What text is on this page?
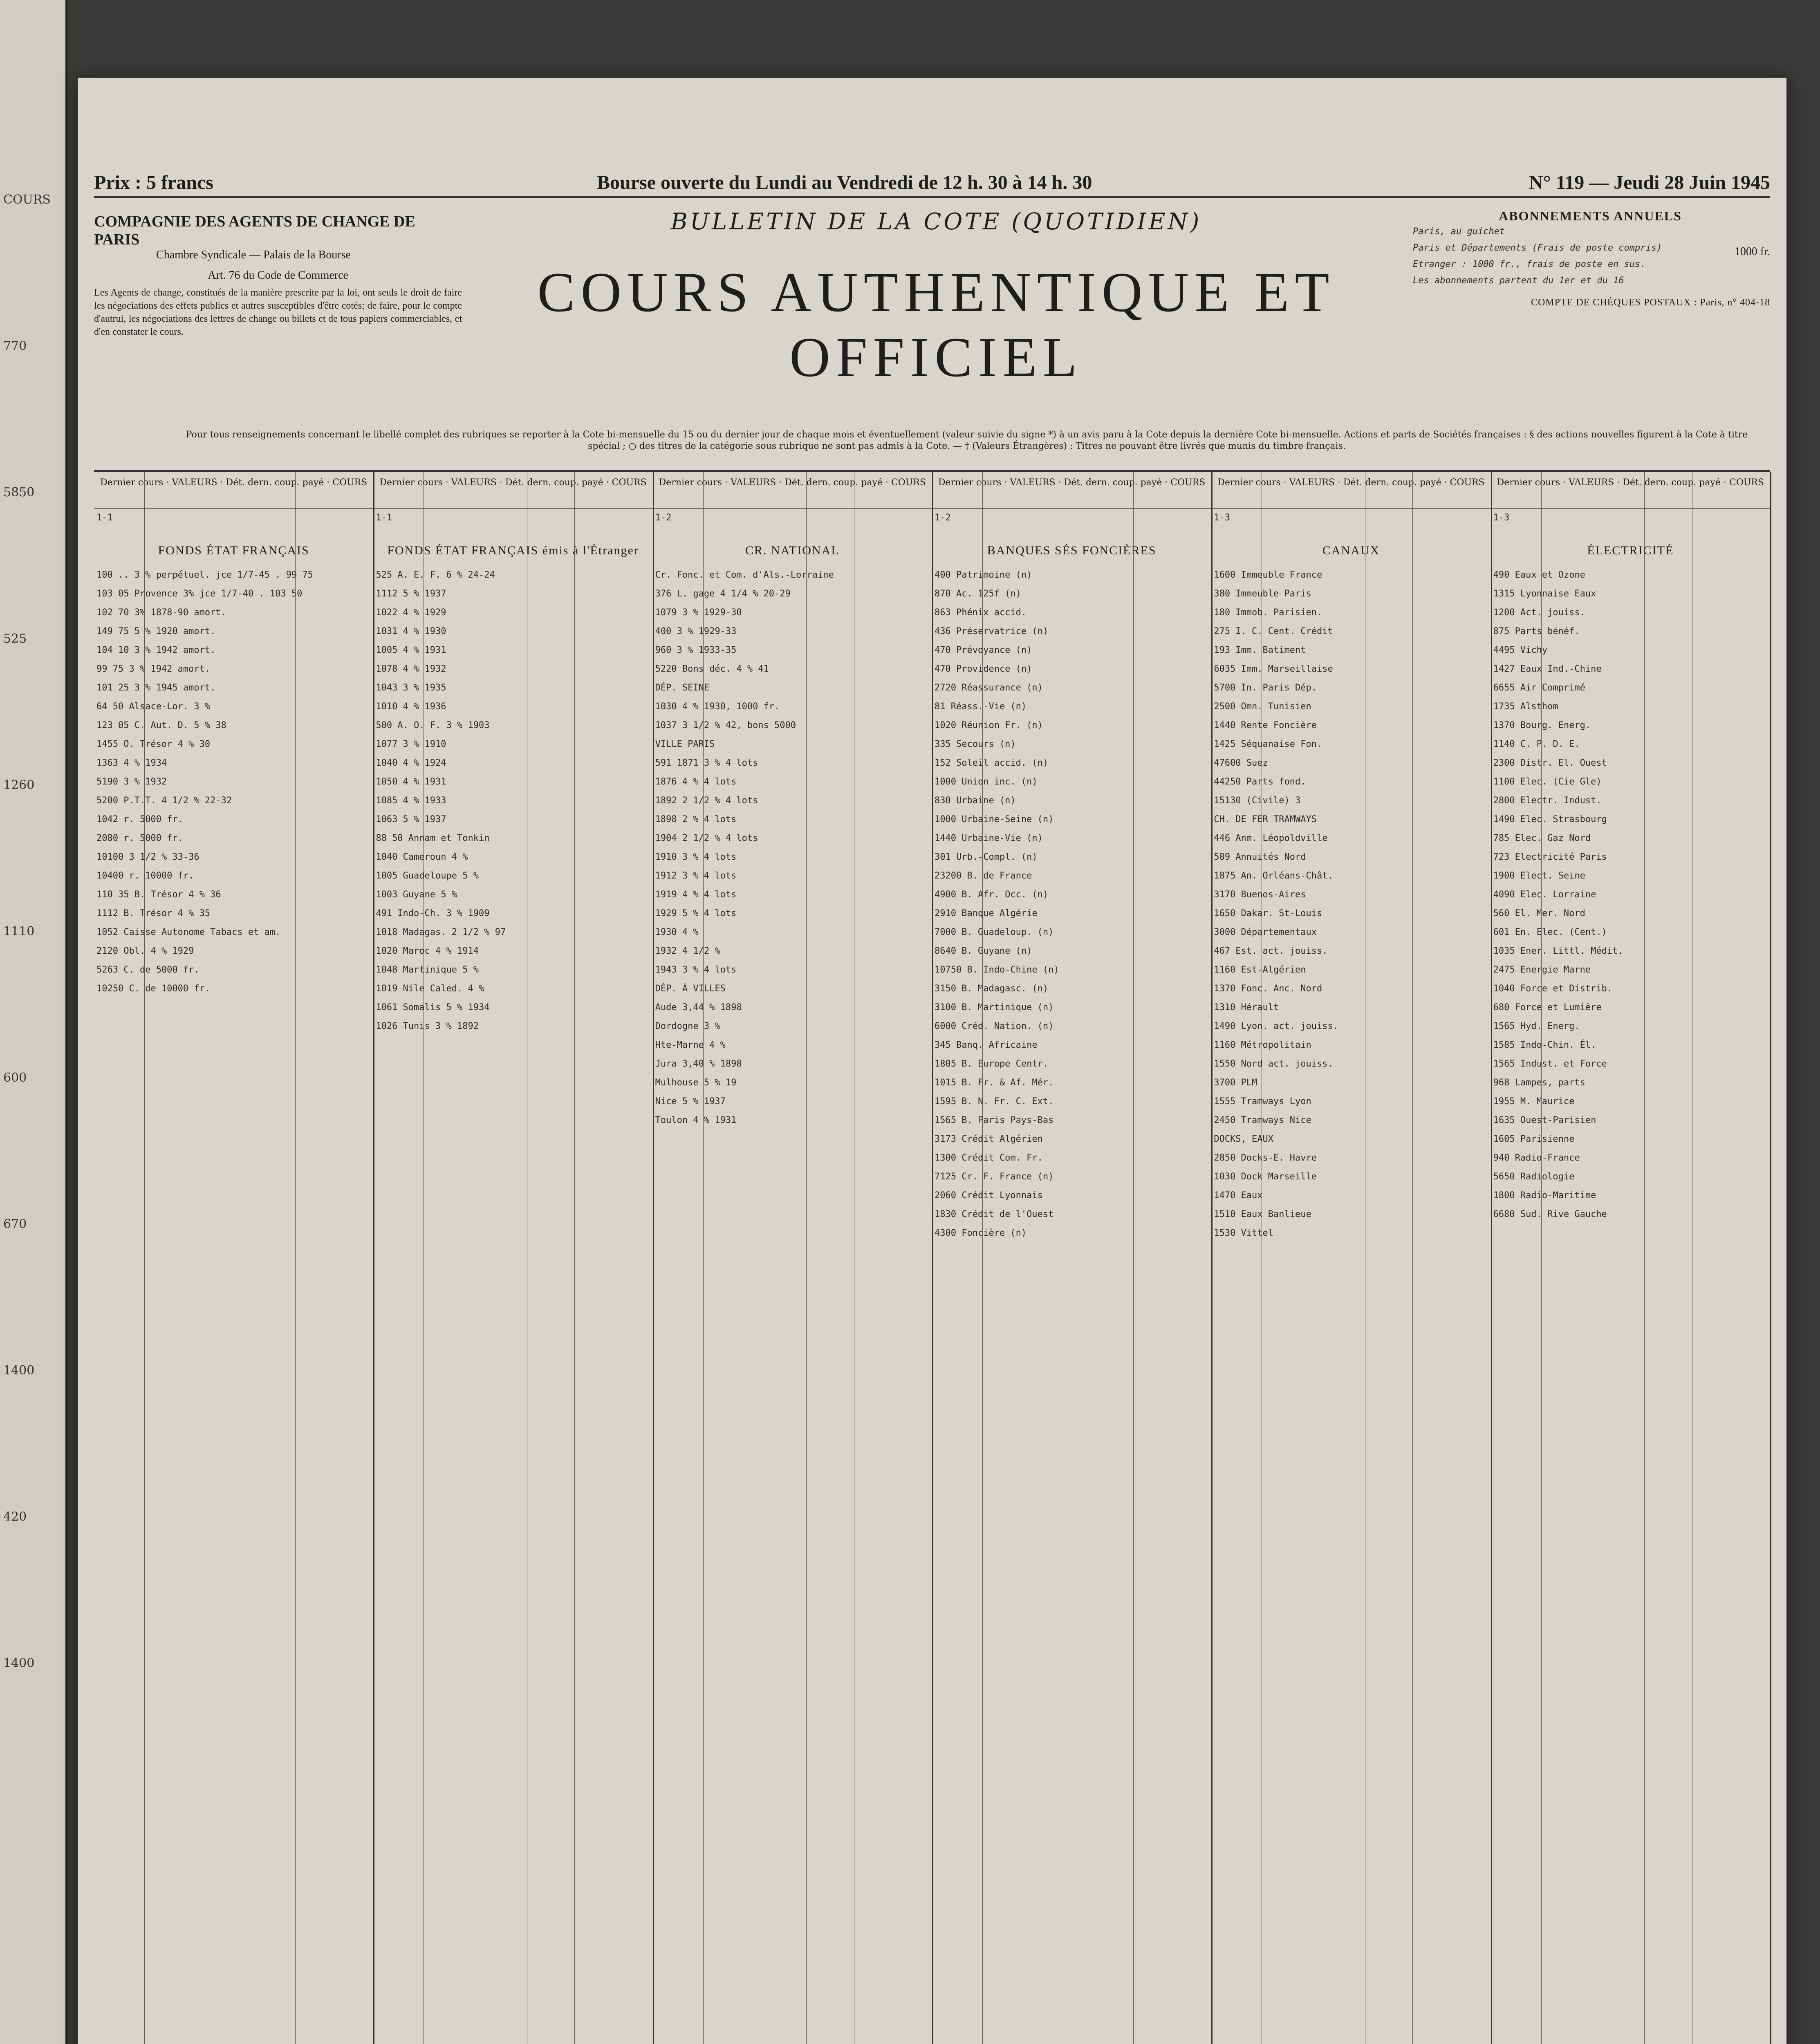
COURS
770
5850
525
1260
1110
600
670
1400
420
1400
Prix : 5 francs	Bourse ouverte du Lundi au Vendredi de 12 h. 30 à 14 h. 30	N° 119 — Jeudi 28 Juin 1945
COMPAGNIE DES AGENTS DE CHANGE DE PARIS
Chambre Syndicale — Palais de la Bourse
Art. 76 du Code de Commerce
Les Agents de change, constitués de la manière prescrite par la loi, ont seuls le droit de faire les négociations des effets publics et autres susceptibles d'être cotés; de faire, pour le compte d'autrui, les négociations des lettres de change ou billets et de tous papiers commerciables, et d'en constater le cours.
BULLETIN DE LA COTE (QUOTIDIEN)
COURS AUTHENTIQUE ET OFFICIEL
ABONNEMENTS ANNUELS
Paris, au guichet
Paris et Départements (Frais de poste compris)
Etranger : 1000 fr., frais de poste en sus.
Les abonnements partent du 1er et du 16
1000 fr.
COMPTE DE CHÈQUES POSTAUX : Paris, n° 404-18
Pour tous renseignements concernant le libellé complet des rubriques se reporter à la Cote bi-mensuelle du 15 ou du dernier jour de chaque mois et éventuellement (valeur suivie du signe *) à un avis paru à la Cote depuis la dernière Cote bi-mensuelle. Actions et parts de Sociétés françaises : § des actions nouvelles figurent à la Cote à titre spécial ; ○ des titres de la catégorie sous rubrique ne sont pas admis à la Cote. — † (Valeurs Étrangères) : Titres ne pouvant être livrés que munis du timbre français.
Dernier cours · VALEURS · Dét. dern. coup. payé · COURS
1-1
FONDS ÉTAT FRANÇAIS
100 .. 3 % perpétuel. jce 1/7-45 . 99 75
103 05 Provence 3% jce 1/7-40 . 103 50
102 70 3% 1878-90 amort.
149 75 5 % 1920 amort.
104 10 3 % 1942 amort.
99 75 3 % 1942 amort.
101 25 3 % 1945 amort.
64 50 Alsace-Lor. 3 %
123 05 C. Aut. D. 5 % 38
1455 O. Trésor 4 % 30
1363 4 % 1934
5190 3 % 1932
5200 P.T.T. 4 1/2 % 22-32
1042 r. 5000 fr.
2080 r. 5000 fr.
10100 3 1/2 % 33-36
10400 r. 10000 fr.
110 35 B. Trésor 4 % 36
1112 B. Trésor 4 % 35
1052 Caisse Autonome Tabacs et am.
2120 Obl. 4 % 1929
5263 C. de 5000 fr.
10250 C. de 10000 fr.
Dernier cours · VALEURS · Dét. dern. coup. payé · COURS
1-1
FONDS ÉTAT FRANÇAIS émis à l'Étranger
525 A. E. F. 6 % 24-24
1112 5 % 1937
1022 4 % 1929
1031 4 % 1930
1005 4 % 1931
1078 4 % 1932
1043 3 % 1935
1010 4 % 1936
500 A. O. F. 3 % 1903
1077 3 % 1910
1040 4 % 1924
1050 4 % 1931
1085 4 % 1933
1063 5 % 1937
88 50 Annam et Tonkin
1040 Cameroun 4 %
1005 Guadeloupe 5 %
1003 Guyane 5 %
491 Indo-Ch. 3 % 1909
1018 Madagas. 2 1/2 % 97
1020 Maroc 4 % 1914
1048 Martinique 5 %
1019 Nile Caled. 4 %
1061 Somalis 5 % 1934
1026 Tunis 3 % 1892
Dernier cours · VALEURS · Dét. dern. coup. payé · COURS
1-2
CR. NATIONAL
Cr. Fonc. et Com. d'Als.-Lorraine
376 L. gage 4 1/4 % 20-29
1079 3 % 1929-30
400 3 % 1929-33
960 3 % 1933-35
5220 Bons déc. 4 % 41
DÉP. SEINE
1030 4 % 1930, 1000 fr.
1037 3 1/2 % 42, bons 5000
VILLE PARIS
591 1871 3 % 4 lots
1876 4 % 4 lots
1892 2 1/2 % 4 lots
1898 2 % 4 lots
1904 2 1/2 % 4 lots
1910 3 % 4 lots
1912 3 % 4 lots
1919 4 % 4 lots
1929 5 % 4 lots
1930 4 %
1932 4 1/2 %
1943 3 % 4 lots
DÉP. À VILLES
Aude 3,44 % 1898
Dordogne 3 %
Hte-Marne 4 %
Jura 3,40 % 1898
Mulhouse 5 % 19
Nice 5 % 1937
Toulon 4 % 1931
Dernier cours · VALEURS · Dét. dern. coup. payé · COURS
1-2
BANQUES SÉS FONCIÈRES
400 Patrimoine (n)
870 Ac. 125f (n)
863 Phénix accid.
436 Préservatrice (n)
470 Prévoyance (n)
470 Providence (n)
2720 Réassurance (n)
81 Réass.-Vie (n)
1020 Réunion Fr. (n)
335 Secours (n)
152 Soleil accid. (n)
1000 Union inc. (n)
830 Urbaine (n)
1000 Urbaine-Seine (n)
1440 Urbaine-Vie (n)
301 Urb.-Compl. (n)
23200 B. de France
4900 B. Afr. Occ. (n)
2910 Banque Algérie
7000 B. Guadeloup. (n)
8640 B. Guyane (n)
10750 B. Indo-Chine (n)
3150 B. Madagasc. (n)
3100 B. Martinique (n)
6000 Créd. Nation. (n)
345 Banq. Africaine
1805 B. Europe Centr.
1015 B. Fr. & Af. Mér.
1595 B. N. Fr. C. Ext.
1565 B. Paris Pays-Bas
3173 Crédit Algérien
1300 Crédit Com. Fr.
7125 Cr. F. France (n)
2060 Crédit Lyonnais
1830 Crédit de l'Ouest
4300 Foncière (n)
Dernier cours · VALEURS · Dét. dern. coup. payé · COURS
1-3
CANAUX
1600 Immeuble France
380 Immeuble Paris
180 Immob. Parisien.
275 I. C. Cent. Crédit
193 Imm. Batiment
6035 Imm. Marseillaise
5700 In. Paris Dép.
2500 Omn. Tunisien
1440 Rente Foncière
1425 Séquanaise Fon.
47600 Suez
44250 Parts fond.
15130 (Civile) 3
CH. DE FER TRAMWAYS
446 Anm. Léopoldville
589 Annuités Nord
1875 An. Orléans-Chât.
3170 Buenos-Aires
1650 Dakar. St-Louis
3000 Départementaux
467 Est. act. jouiss.
1160 Est-Algérien
1370 Fonc. Anc. Nord
1310 Hérault
1490 Lyon. act. jouiss.
1160 Métropolitain
1550 Nord act. jouiss.
3700 PLM
1555 Tramways Lyon
2450 Tramways Nice
DOCKS, EAUX
2850 Docks-E. Havre
1030 Dock Marseille
1470 Eaux
1510 Eaux Banlieue
1530 Vittel
Dernier cours · VALEURS · Dét. dern. coup. payé · COURS
1-3
ÉLECTRICITÉ
490 Eaux et Ozone
1315 Lyonnaise Eaux
1200 Act. jouiss.
875 Parts bénéf.
4495 Vichy
1427 Eaux Ind.-Chine
6655 Air Comprimé
1735 Alsthom
1370 Bourg. Energ.
1140 C. P. D. E.
2300 Distr. El. Ouest
1100 Elec. (Cie Gle)
2800 Electr. Indust.
1490 Elec. Strasbourg
785 Elec. Gaz Nord
723 Electricité Paris
1900 Elect. Seine
4090 Elec. Lorraine
560 El. Mer. Nord
601 En. Elec. (Cent.)
1035 Ener. Littl. Médit.
2475 Energie Marne
1040 Force et Distrib.
680 Force et Lumière
1565 Hyd. Energ.
1585 Indo-Chin. Él.
1565 Indust. et Force
968 Lampes, parts
1955 M. Maurice
1635 Ouest-Parisien
1605 Parisienne
940 Radio-France
5650 Radiologie
1800 Radio-Maritime
6680 Sud. Rive Gauche
